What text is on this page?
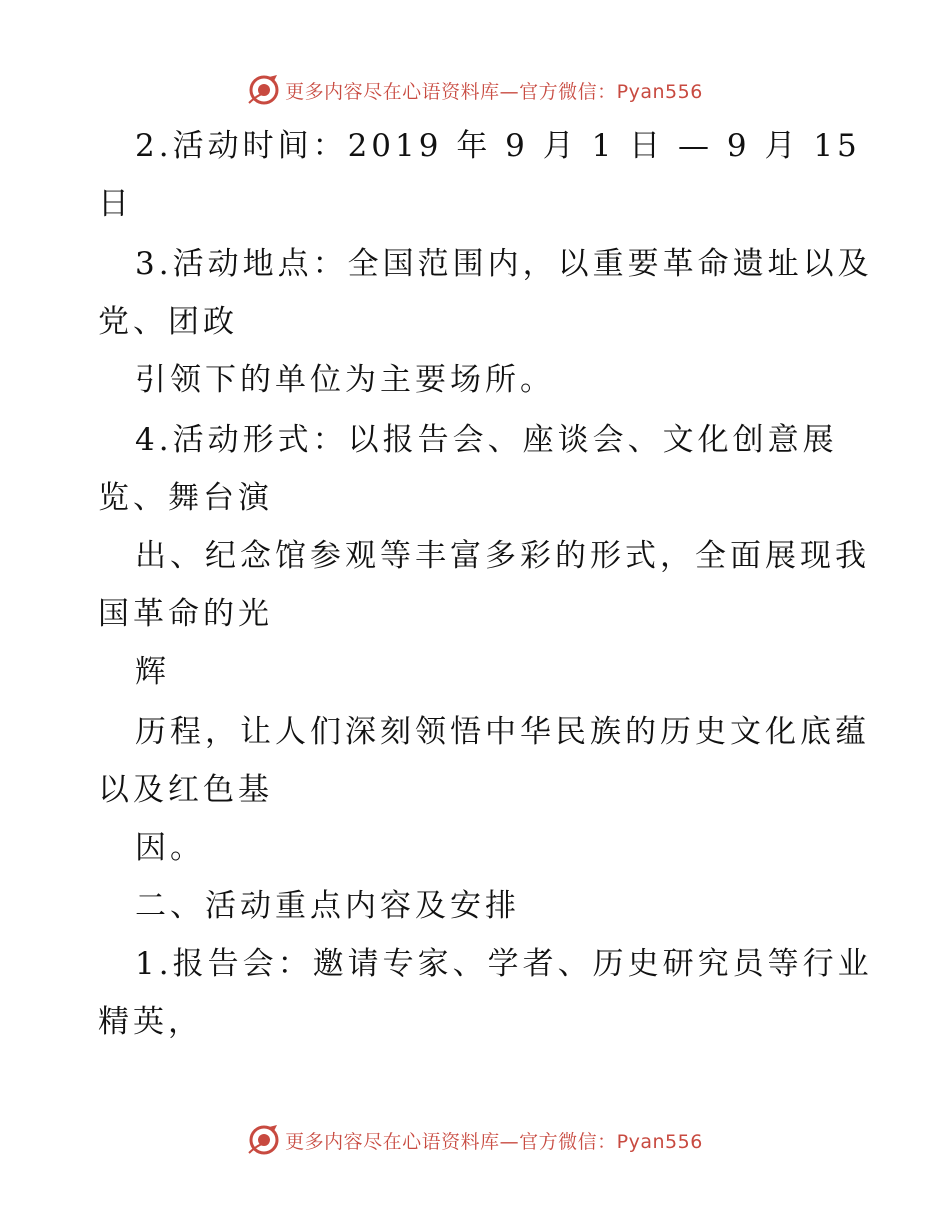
更多内容尽在心语资料库—官方微信：Pyan556
2.活动时间：2019 年 9 月 1 日 — 9 月 15
日
3.活动地点：全国范围内，以重要革命遗址以及
党、团政
引领下的单位为主要场所。
4.活动形式：以报告会、座谈会、文化创意展
览、舞台演
出、纪念馆参观等丰富多彩的形式，全面展现我
国革命的光
辉
历程，让人们深刻领悟中华民族的历史文化底蕴
以及红色基
因。
二、活动重点内容及安排
1.报告会：邀请专家、学者、历史研究员等行业
精英，
更多内容尽在心语资料库—官方微信：Pyan556
